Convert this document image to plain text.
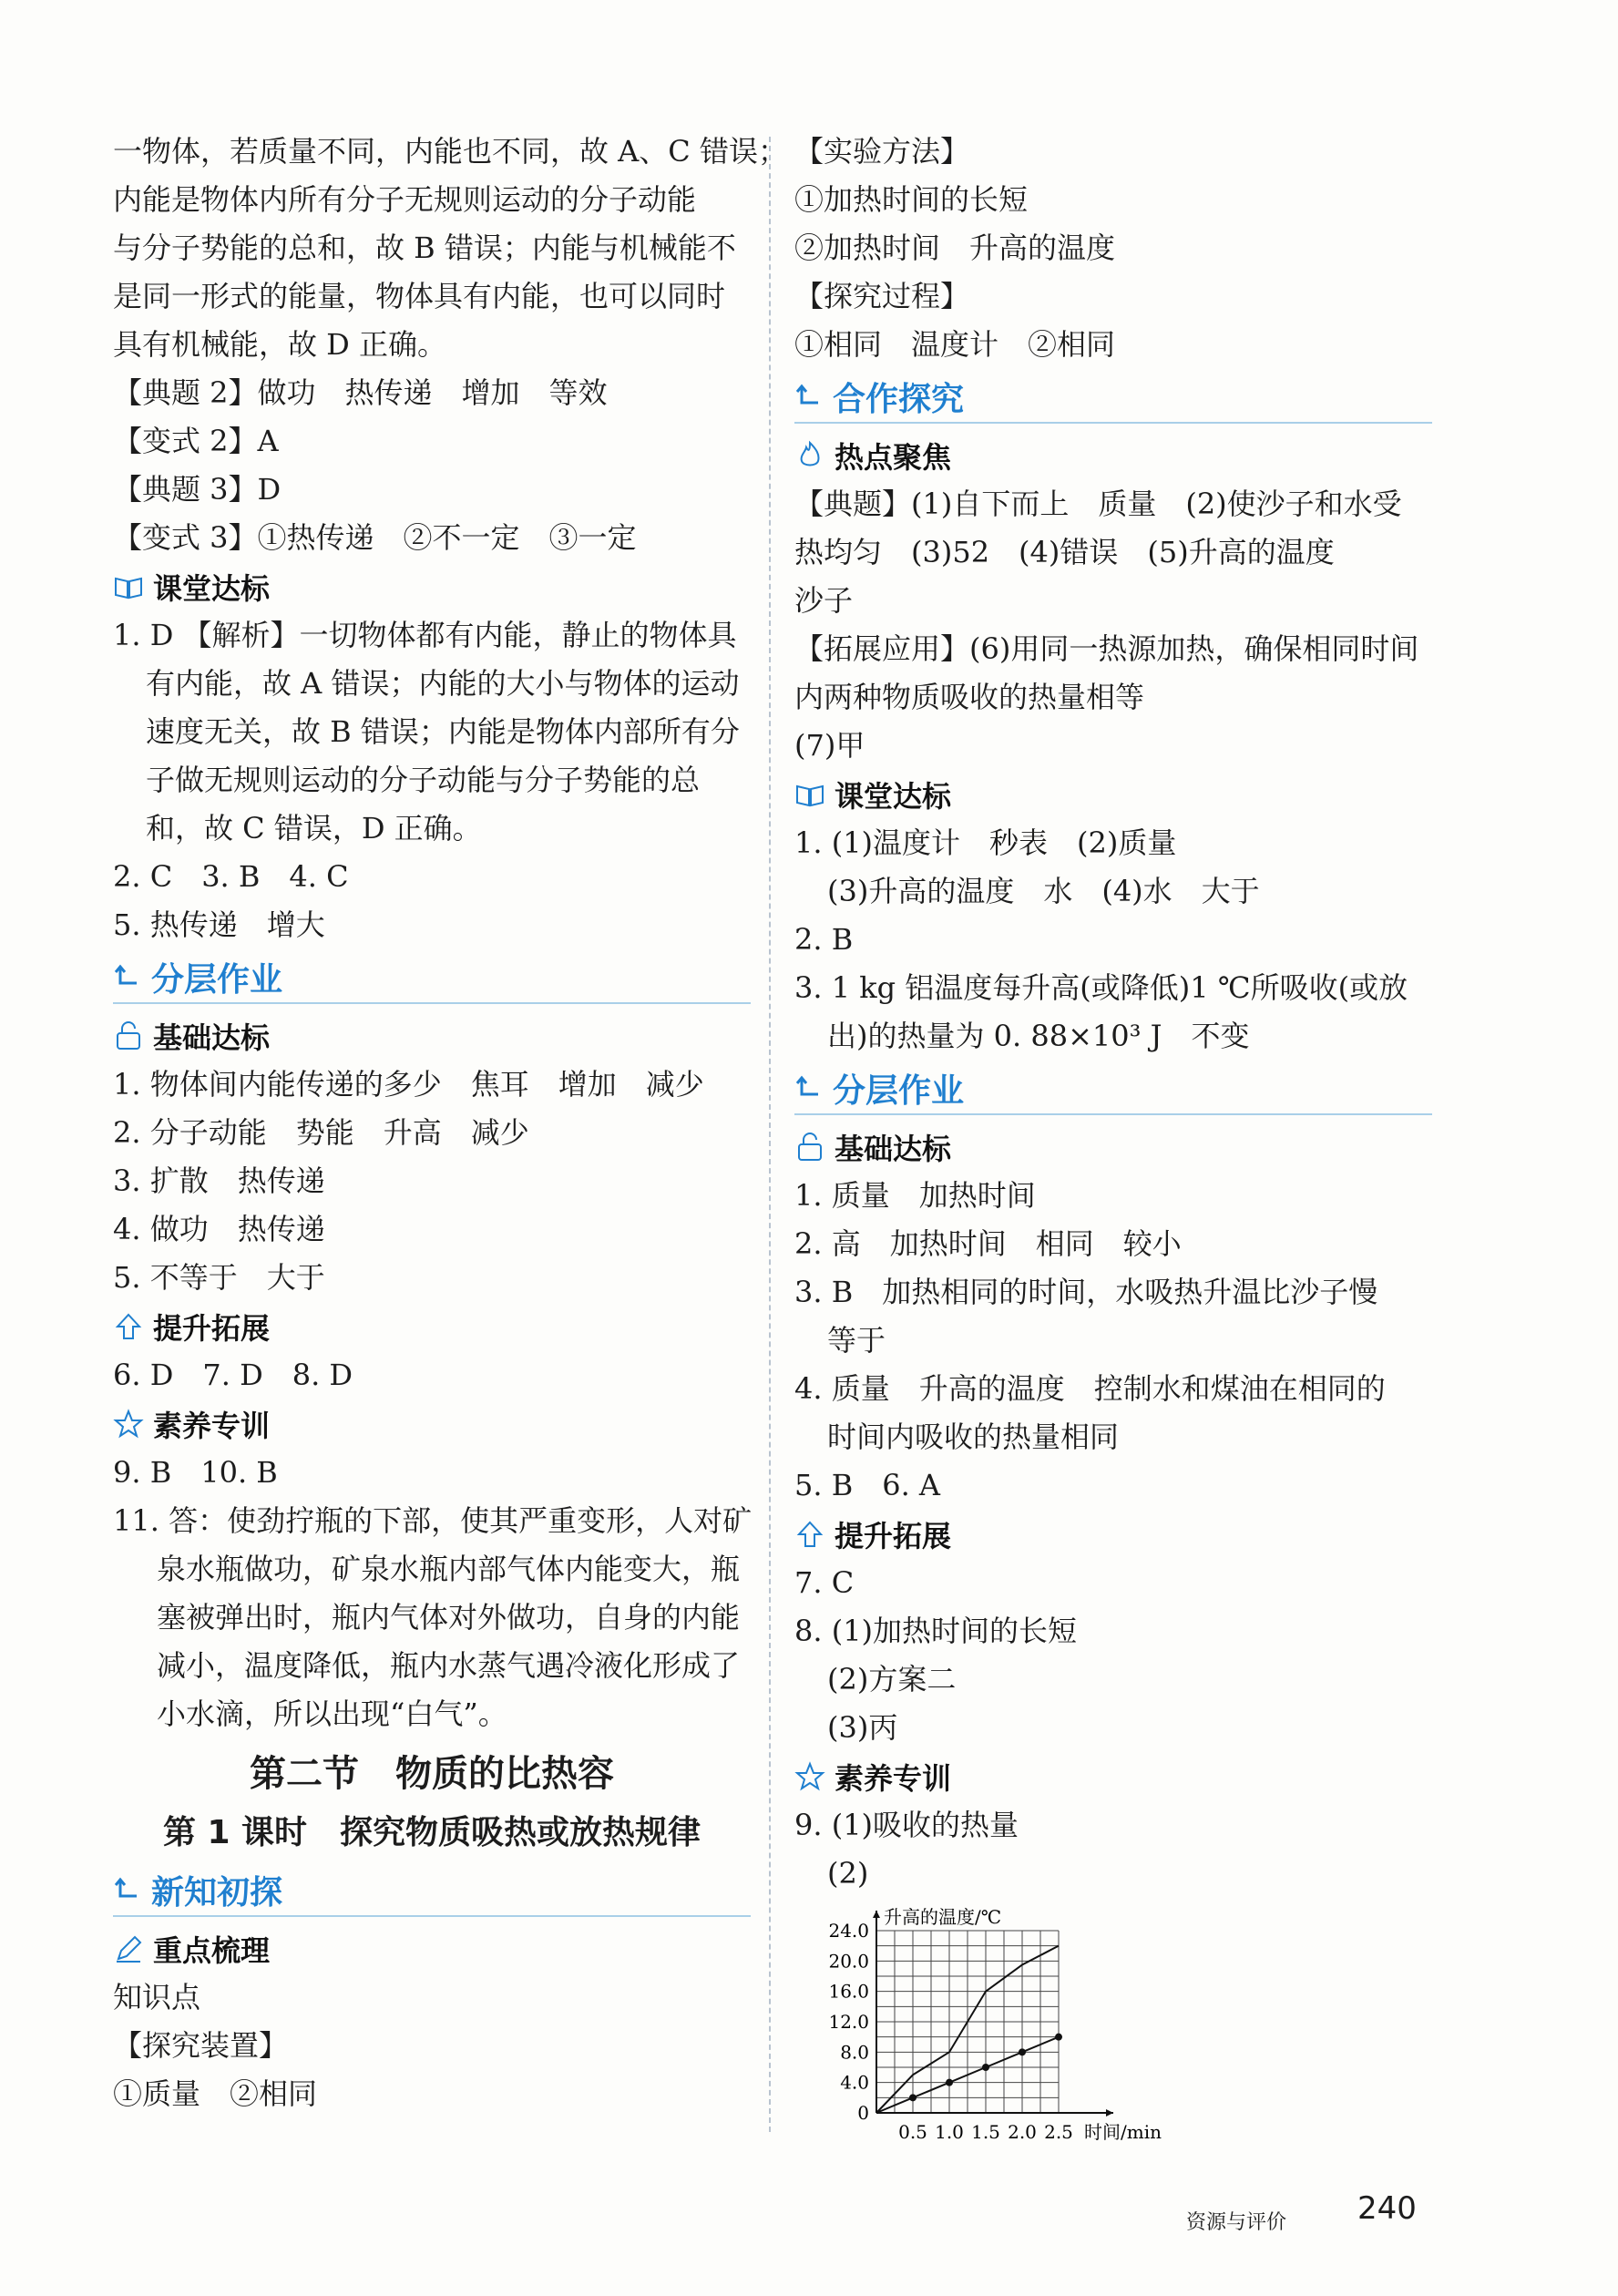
一物体，若质量不同，内能也不同，故 A、C 错误；
内能是物体内所有分子无规则运动的分子动能
与分子势能的总和，故 B 错误；内能与机械能不
是同一形式的能量，物体具有内能，也可以同时
具有机械能，故 D 正确。
【典题 2】做功　热传递　增加　等效
【变式 2】A
【典题 3】D
【变式 3】①热传递　②不一定　③一定
课堂达标
1. D 【解析】一切物体都有内能，静止的物体具
有内能，故 A 错误；内能的大小与物体的运动
速度无关，故 B 错误；内能是物体内部所有分
子做无规则运动的分子动能与分子势能的总
和，故 C 错误，D 正确。
2. C　3. B　4. C
5. 热传递　增大
分层作业
基础达标
1. 物体间内能传递的多少　焦耳　增加　减少
2. 分子动能　势能　升高　减少
3. 扩散　热传递
4. 做功　热传递
5. 不等于　大于
提升拓展
6. D　7. D　8. D
素养专训
9. B　10. B
11. 答：使劲拧瓶的下部，使其严重变形，人对矿
泉水瓶做功，矿泉水瓶内部气体内能变大，瓶
塞被弹出时，瓶内气体对外做功，自身的内能
减小，温度降低，瓶内水蒸气遇冷液化形成了
小水滴，所以出现“白气”。
第二节　物质的比热容
第 1 课时　探究物质吸热或放热规律
新知初探
重点梳理
知识点
【探究装置】
①质量　②相同
【实验方法】
①加热时间的长短
②加热时间　升高的温度
【探究过程】
①相同　温度计　②相同
合作探究
热点聚焦
【典题】(1)自下而上　质量　(2)使沙子和水受
热均匀　(3)52　(4)错误　(5)升高的温度
沙子
【拓展应用】(6)用同一热源加热，确保相同时间
内两种物质吸收的热量相等
(7)甲
课堂达标
1. (1)温度计　秒表　(2)质量
(3)升高的温度　水　(4)水　大于
2. B
3. 1 kg 铝温度每升高(或降低)1 ℃所吸收(或放
出)的热量为 0. 88×10³ J　不变
分层作业
基础达标
1. 质量　加热时间
2. 高　加热时间　相同　较小
3. B　加热相同的时间，水吸热升温比沙子慢
等于
4. 质量　升高的温度　控制水和煤油在相同的
时间内吸收的热量相同
5. B　6. A
提升拓展
7. C
8. (1)加热时间的长短
(2)方案二
(3)丙
素养专训
9. (1)吸收的热量
(2)
0
4.0
8.0
12.0
16.0
20.0
24.0
0.5 1.0 1.5 2.0 2.5
升高的温度/℃
时间/min
资源与评价 240
